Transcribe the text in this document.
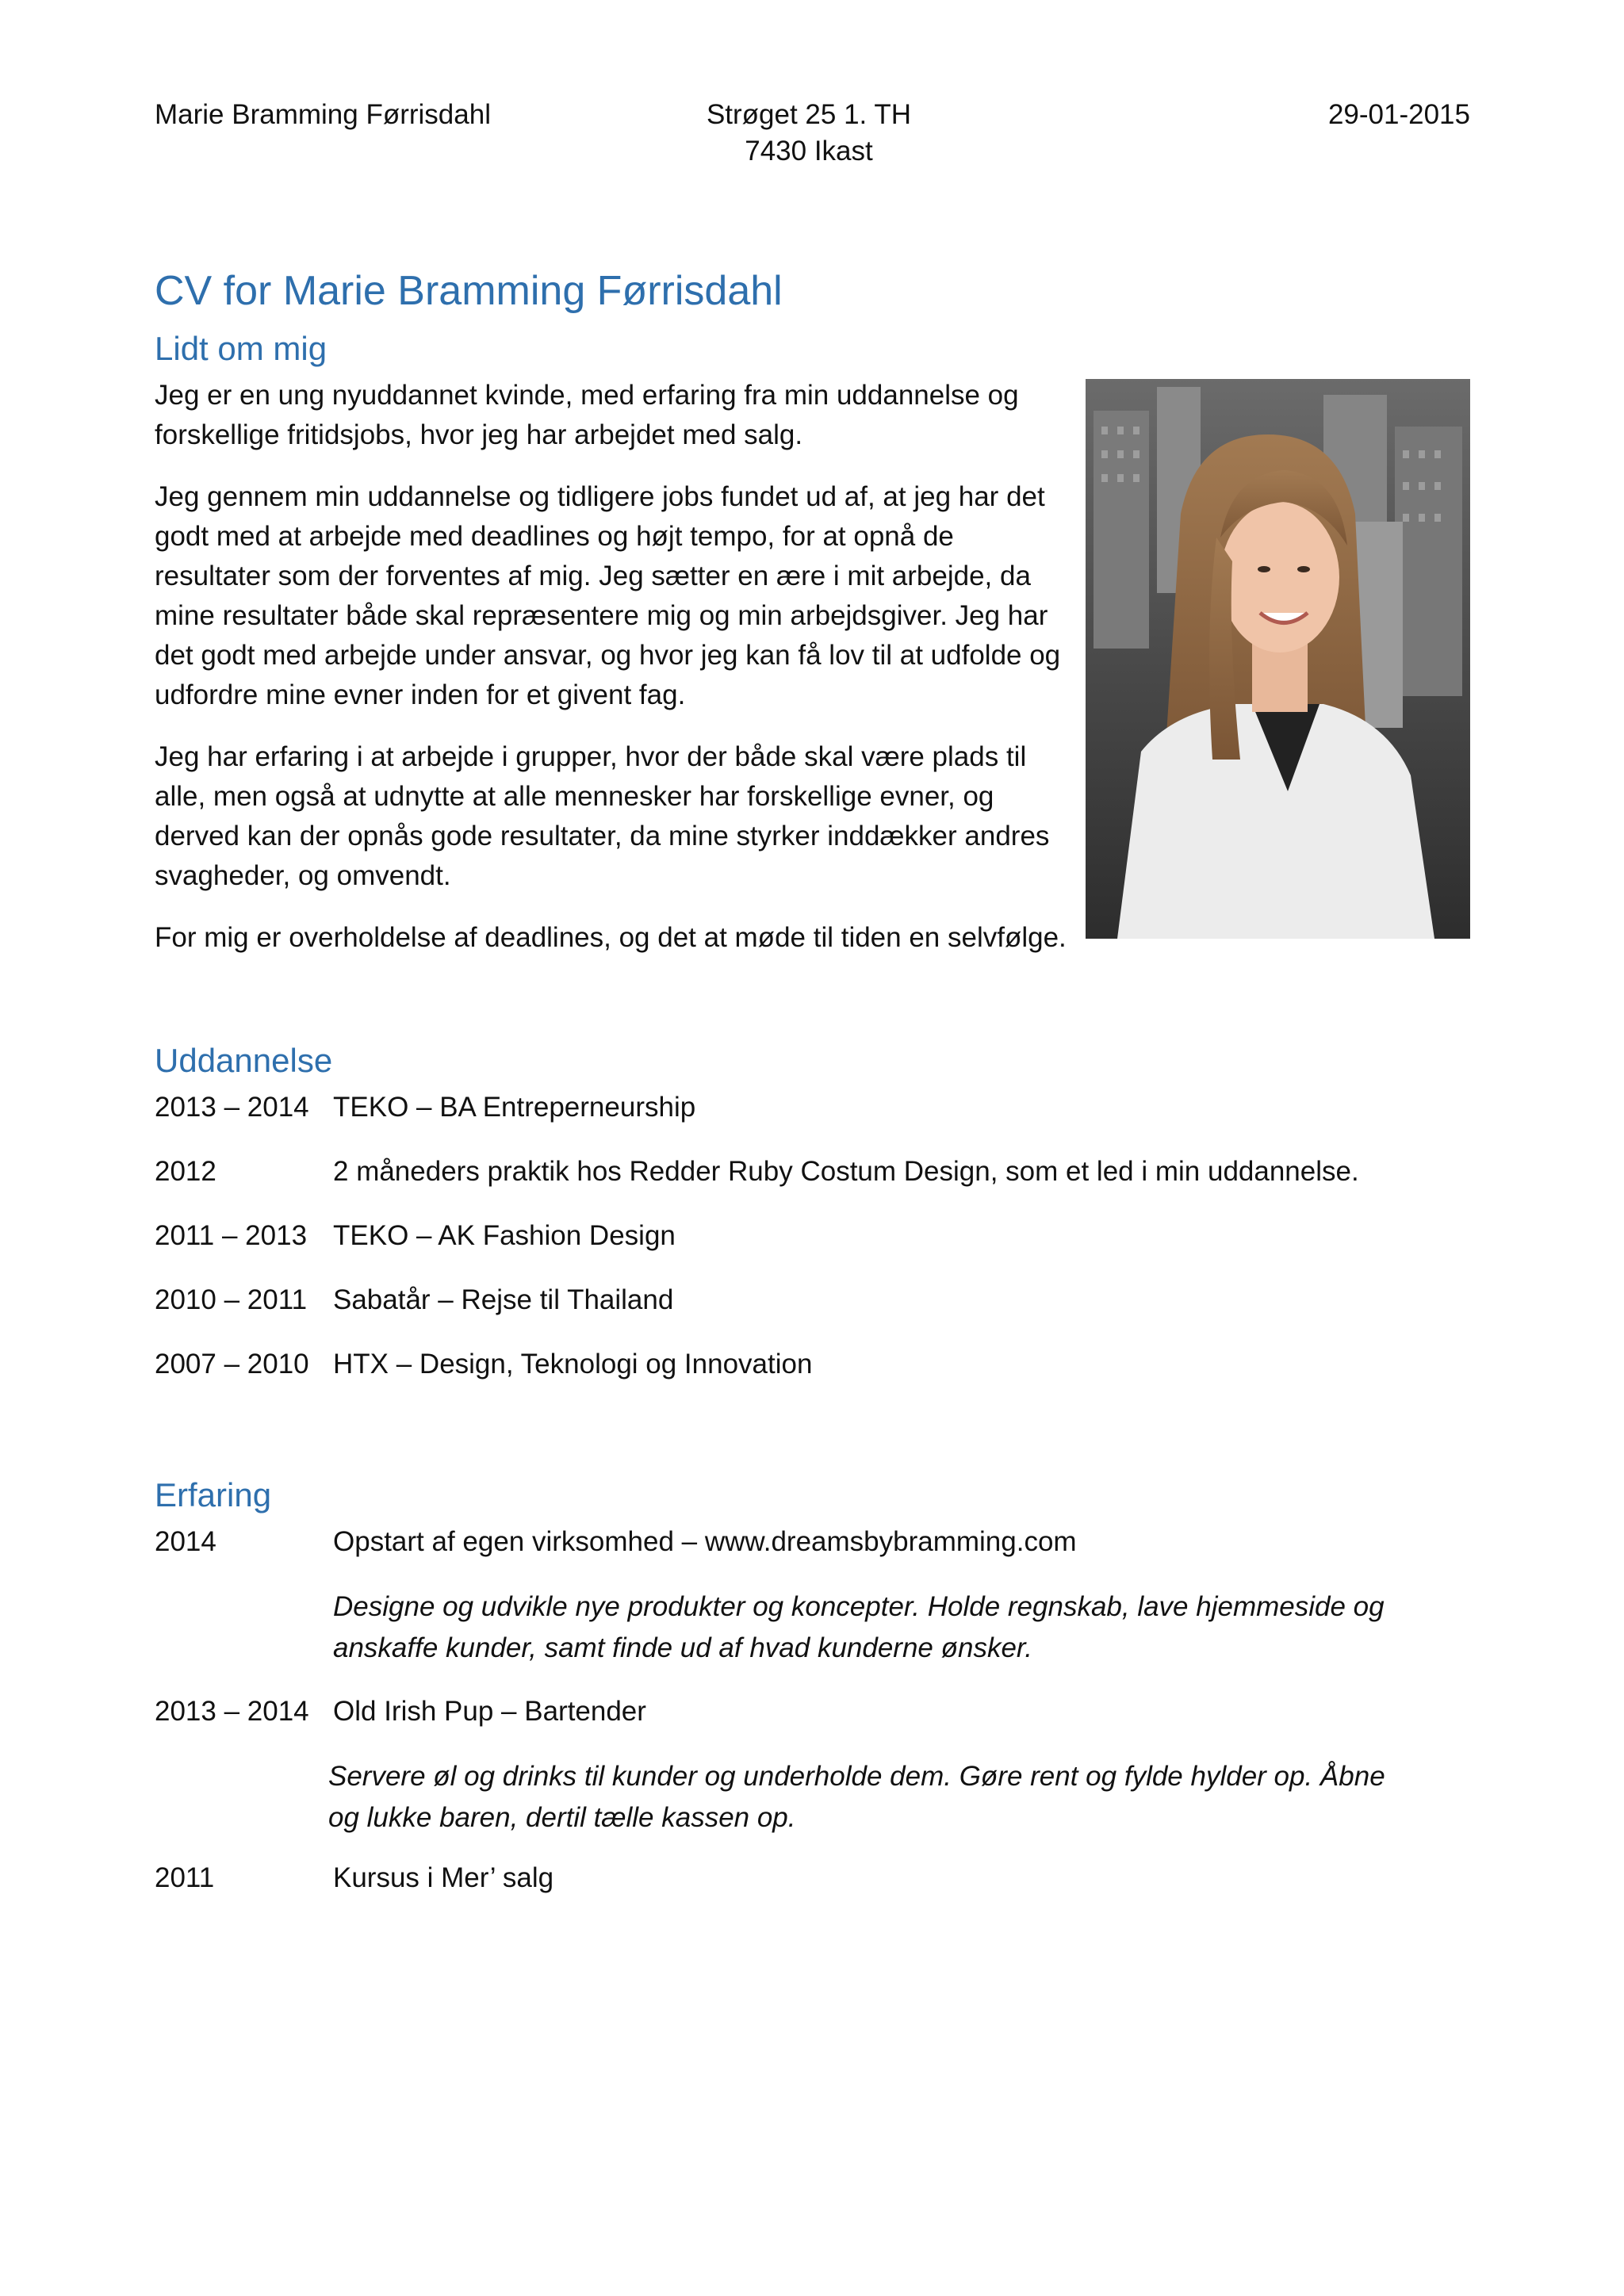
Marie Bramming Førrisdahl	Strøget 25 1. TH
7430 Ikast
29-01-2015
CV for Marie Bramming Førrisdahl
Lidt om mig

Jeg er en ung nyuddannet kvinde, med erfaring fra min uddannelse og forskellige fritidsjobs, hvor jeg har arbejdet med salg.

Jeg gennem min uddannelse og tidligere jobs fundet ud af, at jeg har det godt med at arbejde med deadlines og højt tempo, for at opnå de resultater som der forventes af mig. Jeg sætter en ære i mit arbejde, da mine resultater både skal repræsentere mig og min arbejdsgiver. Jeg har det godt med arbejde under ansvar, og hvor jeg kan få lov til at udfolde og udfordre mine evner inden for et givent fag.

Jeg har erfaring i at arbejde i grupper, hvor der både skal være plads til alle, men også at udnytte at alle mennesker har forskellige evner, og derved kan der opnås gode resultater, da mine styrker inddækker andres svagheder, og omvendt.

For mig er overholdelse af deadlines, og det at møde til tiden en selvfølge.

Uddannelse
2013 – 2014 TEKO – BA Entreperneurship
2012	2 måneders praktik hos Redder Ruby Costum Design, som et led i min uddannelse.
2011 – 2013 TEKO – AK Fashion Design
2010 – 2011 Sabatår – Rejse til Thailand
2007 – 2010 HTX – Design, Teknologi og Innovation
Erfaring
2014	Opstart af egen virksomhed – www.dreamsbybramming.com
Designe og udvikle nye produkter og koncepter. Holde regnskab, lave hjemmeside og anskaffe kunder, samt finde ud af hvad kunderne ønsker.
2013 – 2014 Old Irish Pup – Bartender
Servere øl og drinks til kunder og underholde dem. Gøre rent og fylde hylder op. Åbne og lukke baren, dertil tælle kassen op.
2011	Kursus i Mer’ salg
